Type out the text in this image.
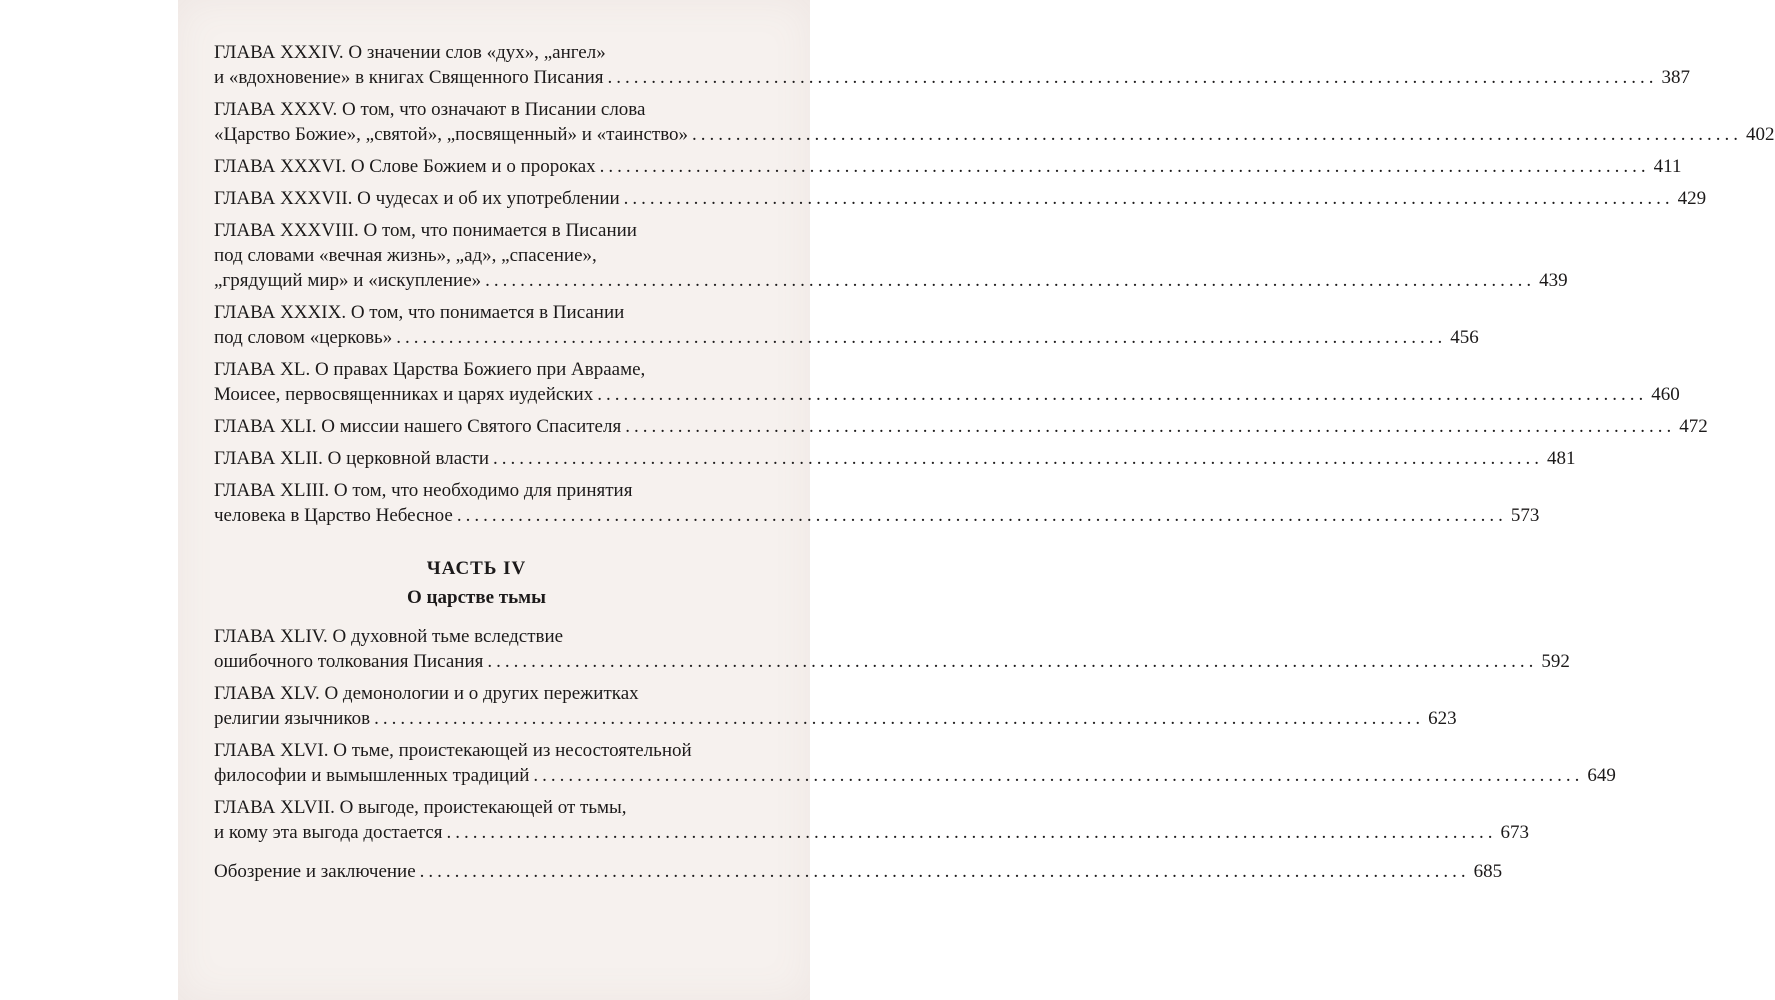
ГЛАВА XXXIV. О значении слов «дух», „ангел»
и «вдохновение» в книгах Священного Писания ........................................................................................................................ 387
ГЛАВА XXXV. О том, что означают в Писании слова
«Царство Божие», „святой», „посвященный» и «таинство» ........................................................................................................................ 402
ГЛАВА XXXVI. О Слове Божием и о пророках ........................................................................................................................ 411
ГЛАВА XXXVII. О чудесах и об их употреблении ........................................................................................................................ 429
ГЛАВА XXXVIII. О том, что понимается в Писании
под словами «вечная жизнь», „ад», „спасение»,
„грядущий мир» и «искупление» ........................................................................................................................ 439
ГЛАВА XXXIX. О том, что понимается в Писании
под словом «церковь» ........................................................................................................................ 456
ГЛАВА XL. О правах Царства Божиего при Аврааме,
Моисее, первосвященниках и царях иудейских ........................................................................................................................ 460
ГЛАВА XLI. О миссии нашего Святого Спасителя ........................................................................................................................ 472
ГЛАВА XLII. О церковной власти ........................................................................................................................ 481
ГЛАВА XLIII. О том, что необходимо для принятия
человека в Царство Небесное ........................................................................................................................ 573
ЧАСТЬ IV
О царстве тьмы
ГЛАВА XLIV. О духовной тьме вследствие
ошибочного толкования Писания ........................................................................................................................ 592
ГЛАВА XLV. О демонологии и о других пережитках
религии язычников ........................................................................................................................ 623
ГЛАВА XLVI. О тьме, проистекающей из несостоятельной
философии и вымышленных традиций ........................................................................................................................ 649
ГЛАВА XLVII. О выгоде, проистекающей от тьмы,
и кому эта выгода достается ........................................................................................................................ 673
Обозрение и заключение ........................................................................................................................ 685
